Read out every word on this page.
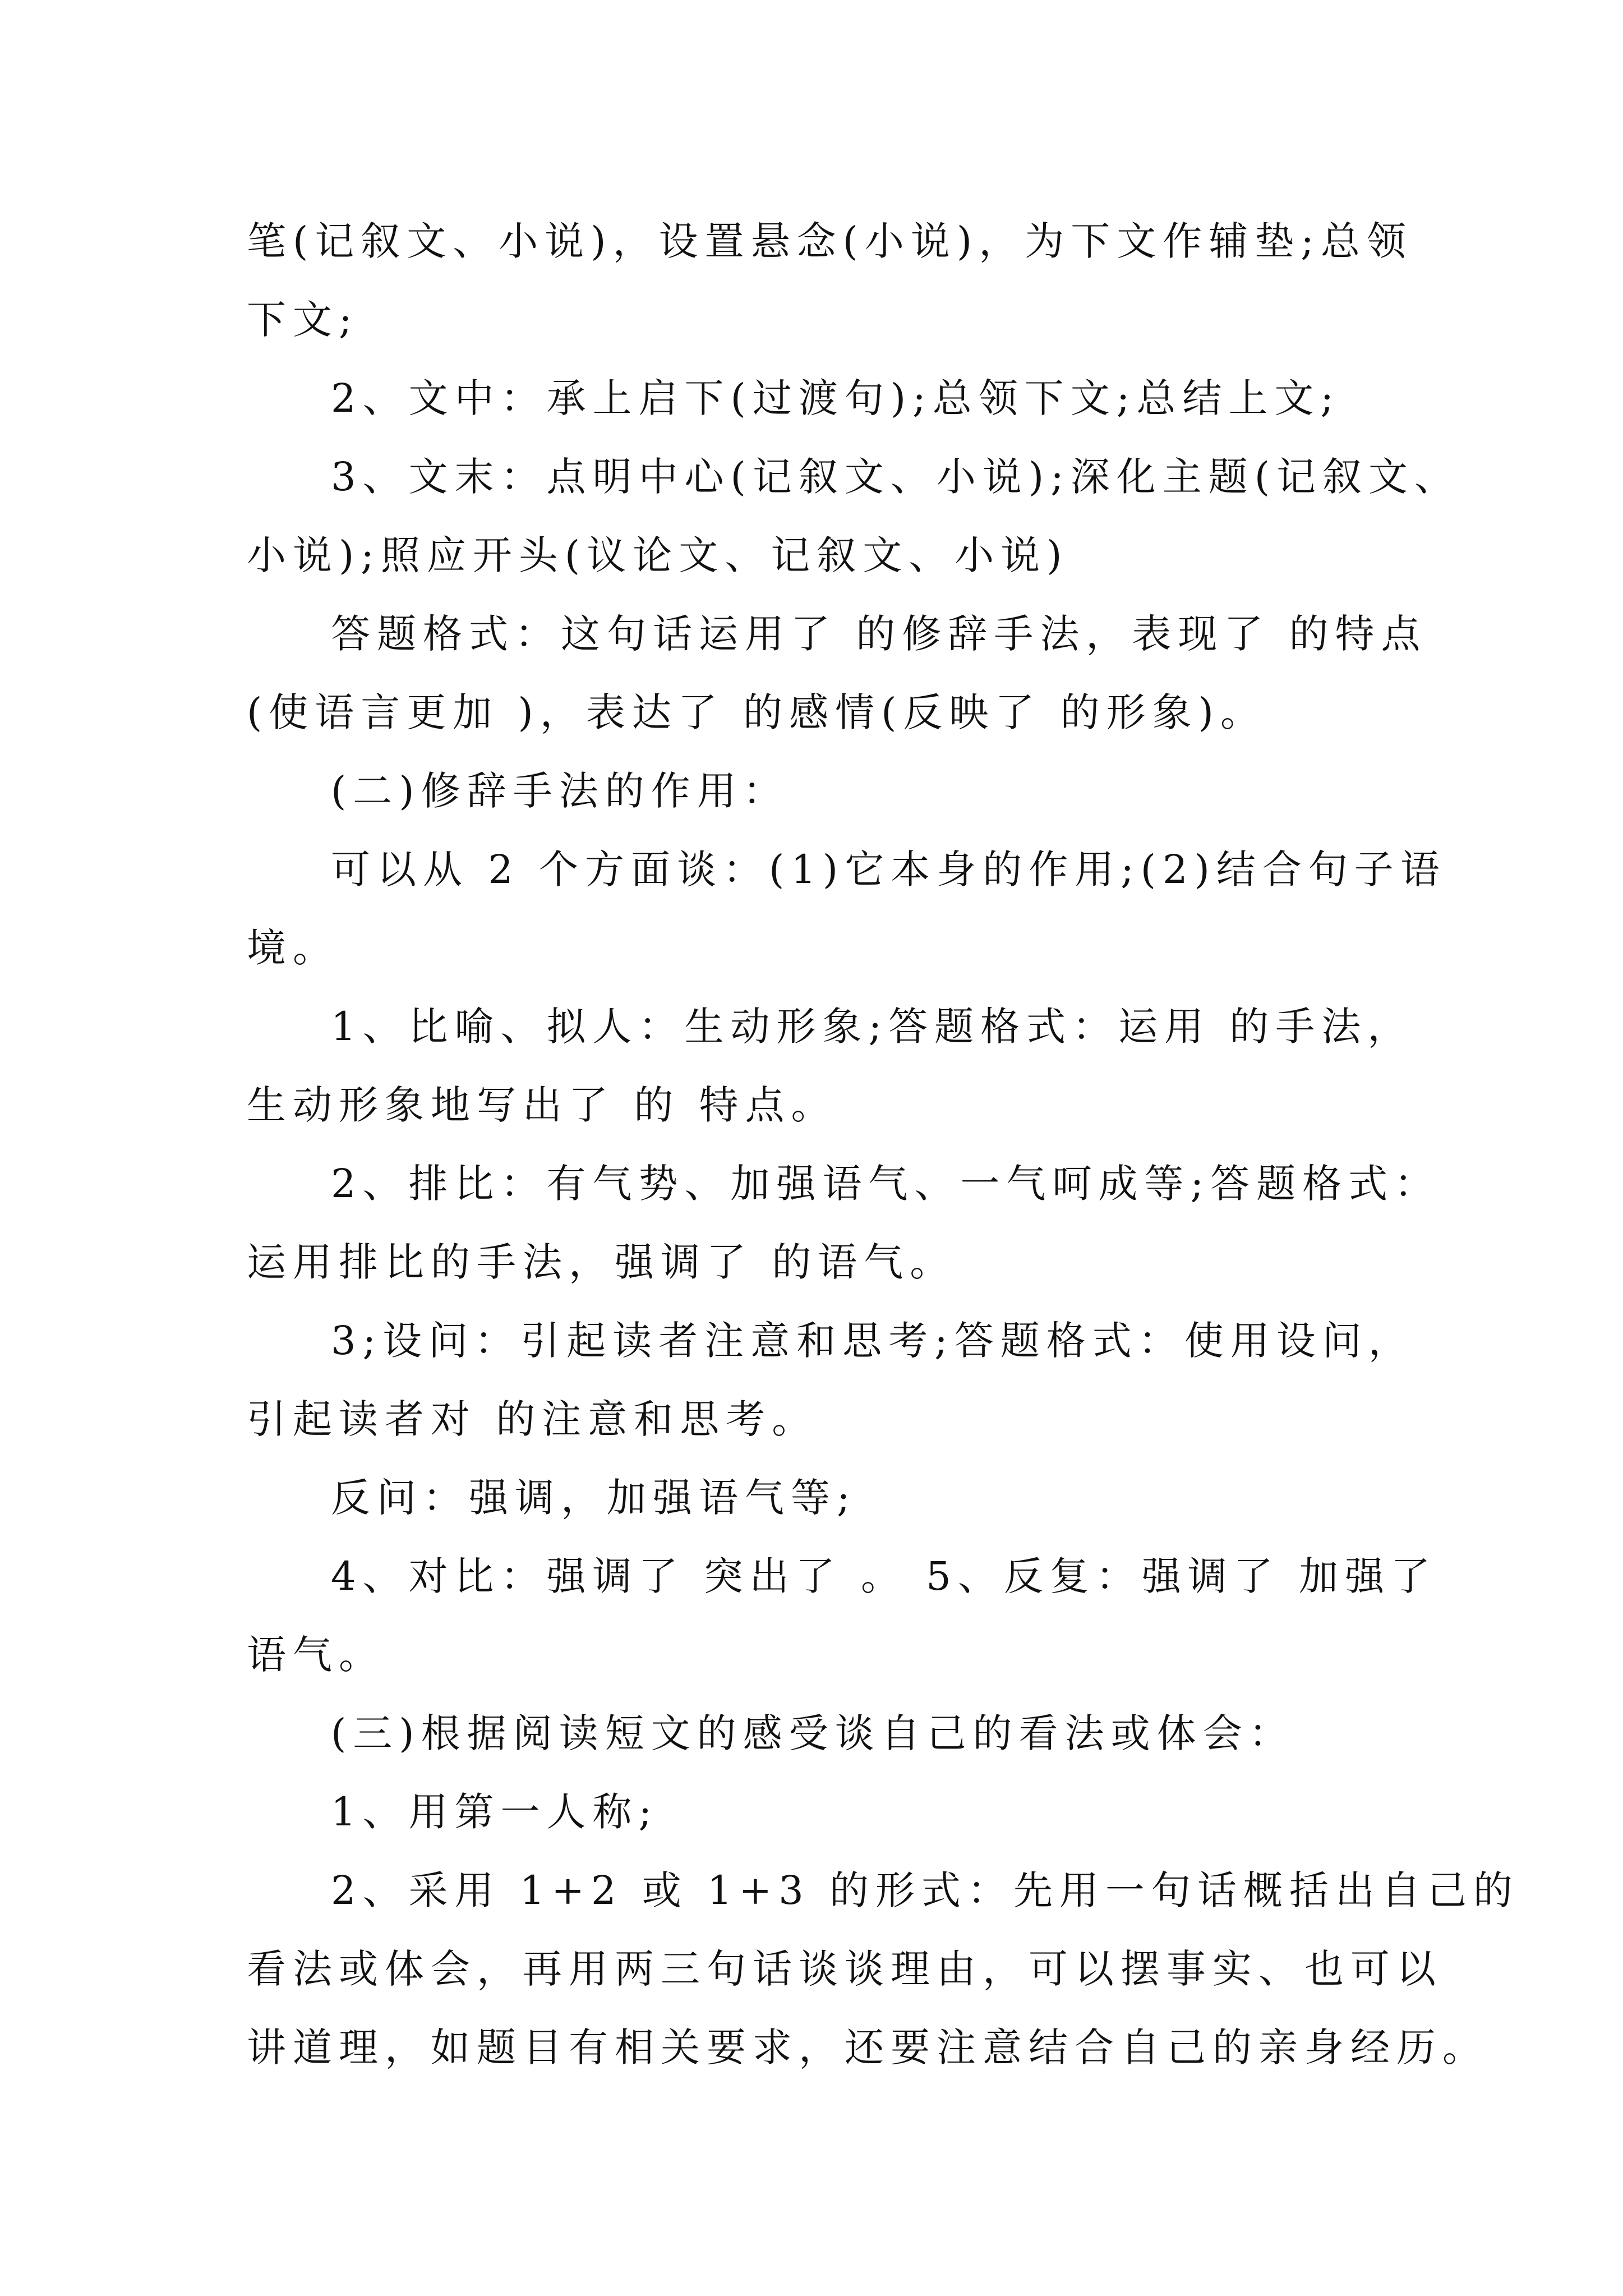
笔(记叙文、小说)，设置悬念(小说)，为下文作辅垫;总领
下文;
2、文中：承上启下(过渡句);总领下文;总结上文;
3、文末：点明中心(记叙文、小说);深化主题(记叙文、
小说);照应开头(议论文、记叙文、小说)
答题格式：这句话运用了 的修辞手法，表现了 的特点
(使语言更加 )，表达了 的感情(反映了 的形象)。
(二)修辞手法的作用：
可以从 2 个方面谈：(1)它本身的作用;(2)结合句子语
境。
1、比喻、拟人：生动形象;答题格式：运用 的手法，
生动形象地写出了 的 特点。
2、排比：有气势、加强语气、一气呵成等;答题格式：
运用排比的手法，强调了 的语气。
3;设问：引起读者注意和思考;答题格式：使用设问，
引起读者对 的注意和思考。
反问：强调，加强语气等;
4、对比：强调了 突出了 。 5、反复：强调了 加强了
语气。
(三)根据阅读短文的感受谈自己的看法或体会：
1、用第一人称;
2、采用 1+2 或 1+3 的形式：先用一句话概括出自己的
看法或体会，再用两三句话谈谈理由，可以摆事实、也可以
讲道理，如题目有相关要求，还要注意结合自己的亲身经历。
